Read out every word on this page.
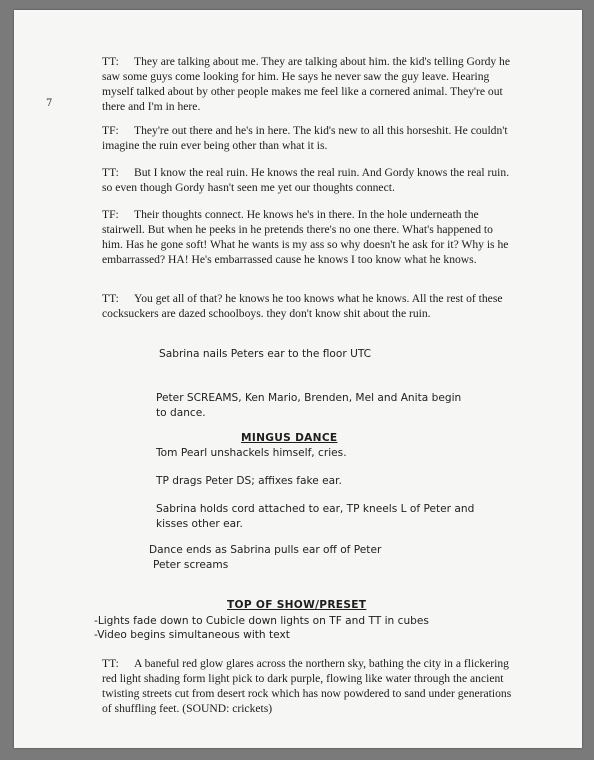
7

TT: They are talking about me. They are talking about him. the kid's telling Gordy he saw some guys come looking for him. He says he never saw the guy leave. Hearing myself talked about by other people makes me feel like a cornered animal. They're out there and I'm in here.

TF: They're out there and he's in here. The kid's new to all this horseshit. He couldn't imagine the ruin ever being other than what it is.

TT: But I know the real ruin. He knows the real ruin. And Gordy knows the real ruin. so even though Gordy hasn't seen me yet our thoughts connect.

TF: Their thoughts connect. He knows he's in there. In the hole underneath the stairwell. But when he peeks in he pretends there's no one there. What's happened to him. Has he gone soft! What he wants is my ass so why doesn't he ask for it? Why is he embarrassed? HA! He's embarrassed cause he knows I too know what he knows.

TT: You get all of that? he knows he too knows what he knows. All the rest of these cocksuckers are dazed schoolboys. they don't know shit about the ruin.

Sabrina nails Peters ear to the floor UTC

Peter SCREAMS, Ken Mario, Brenden, Mel and Anita begin to dance.

MINGUS DANCE

Tom Pearl unshackels himself, cries.

TP drags Peter DS; affixes fake ear.

Sabrina holds cord attached to ear, TP kneels L of Peter and kisses other ear.

Dance ends as Sabrina pulls ear off of Peter

Peter screams

TOP OF SHOW/PRESET

-Lights fade down to Cubicle down lights on TF and TT in cubes

-Video begins simultaneous with text

TT: A baneful red glow glares across the northern sky, bathing the city in a flickering red light shading form light pick to dark purple, flowing like water through the ancient twisting streets cut from desert rock which has now powdered to sand under generations of shuffling feet. (SOUND: crickets)
